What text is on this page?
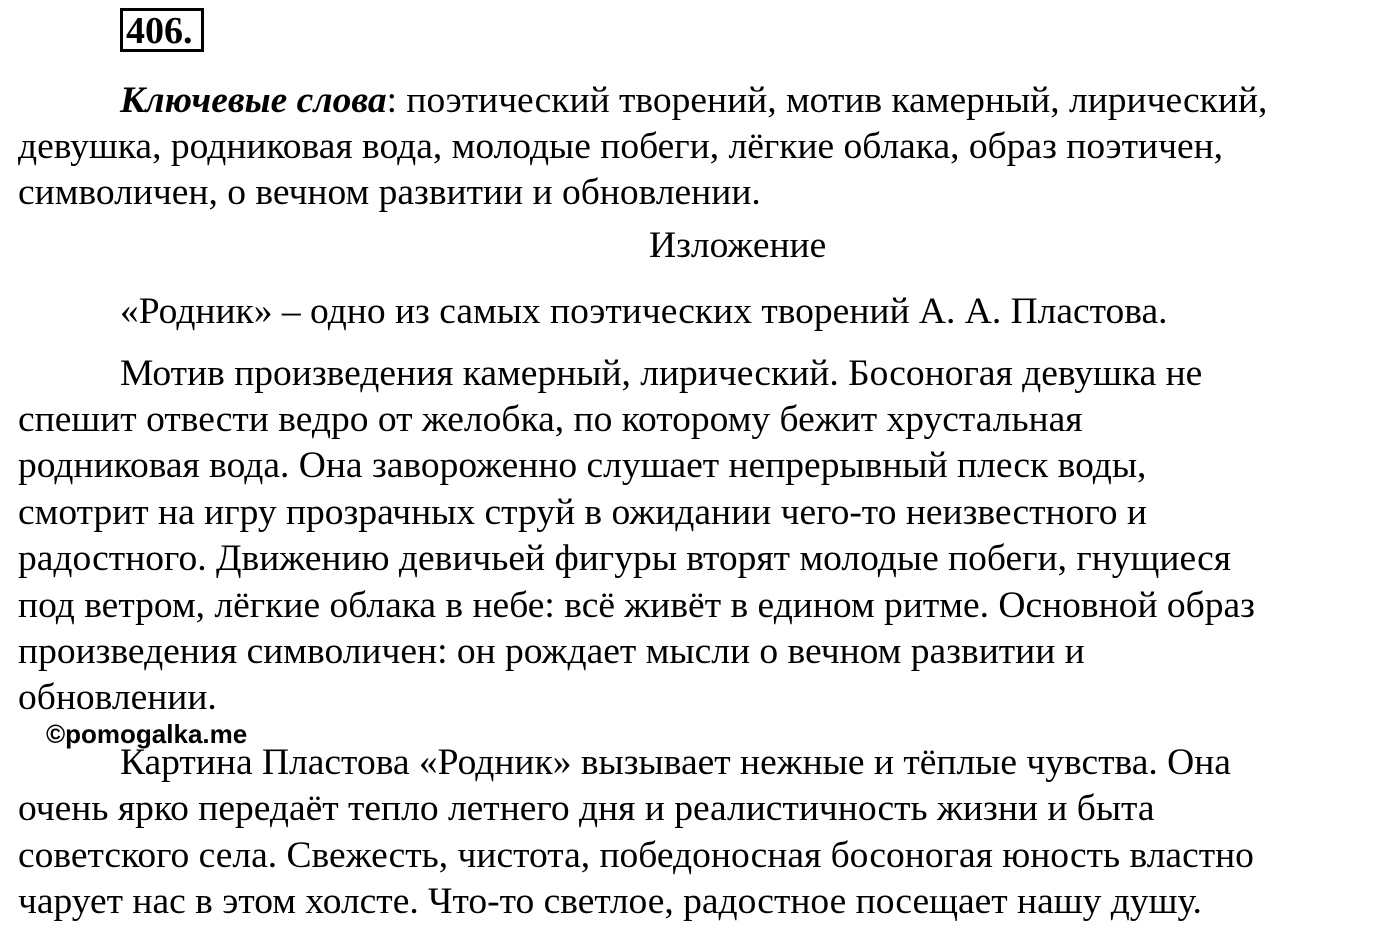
406.
Ключевые слова: поэтический творений, мотив камерный, лирический,
девушка, родниковая вода, молодые побеги, лёгкие облака, образ поэтичен,
символичен, о вечном развитии и обновлении.
Изложение
«Родник» – одно из самых поэтических творений А. А. Пластова.
Мотив произведения камерный, лирический. Босоногая девушка не
спешит отвести ведро от желобка, по которому бежит хрустальная
родниковая вода. Она завороженно слушает непрерывный плеск воды,
смотрит на игру прозрачных струй в ожидании чего-то неизвестного и
радостного. Движению девичьей фигуры вторят молодые побеги, гнущиеся
под ветром, лёгкие облака в небе: всё живёт в едином ритме. Основной образ
произведения символичен: он рождает мысли о вечном развитии и
обновлении.
©pomogalka.me
Картина Пластова «Родник» вызывает нежные и тёплые чувства. Она
очень ярко передаёт тепло летнего дня и реалистичность жизни и быта
советского села. Свежесть, чистота, победоносная босоногая юность властно
чарует нас в этом холсте. Что-то светлое, радостное посещает нашу душу.
